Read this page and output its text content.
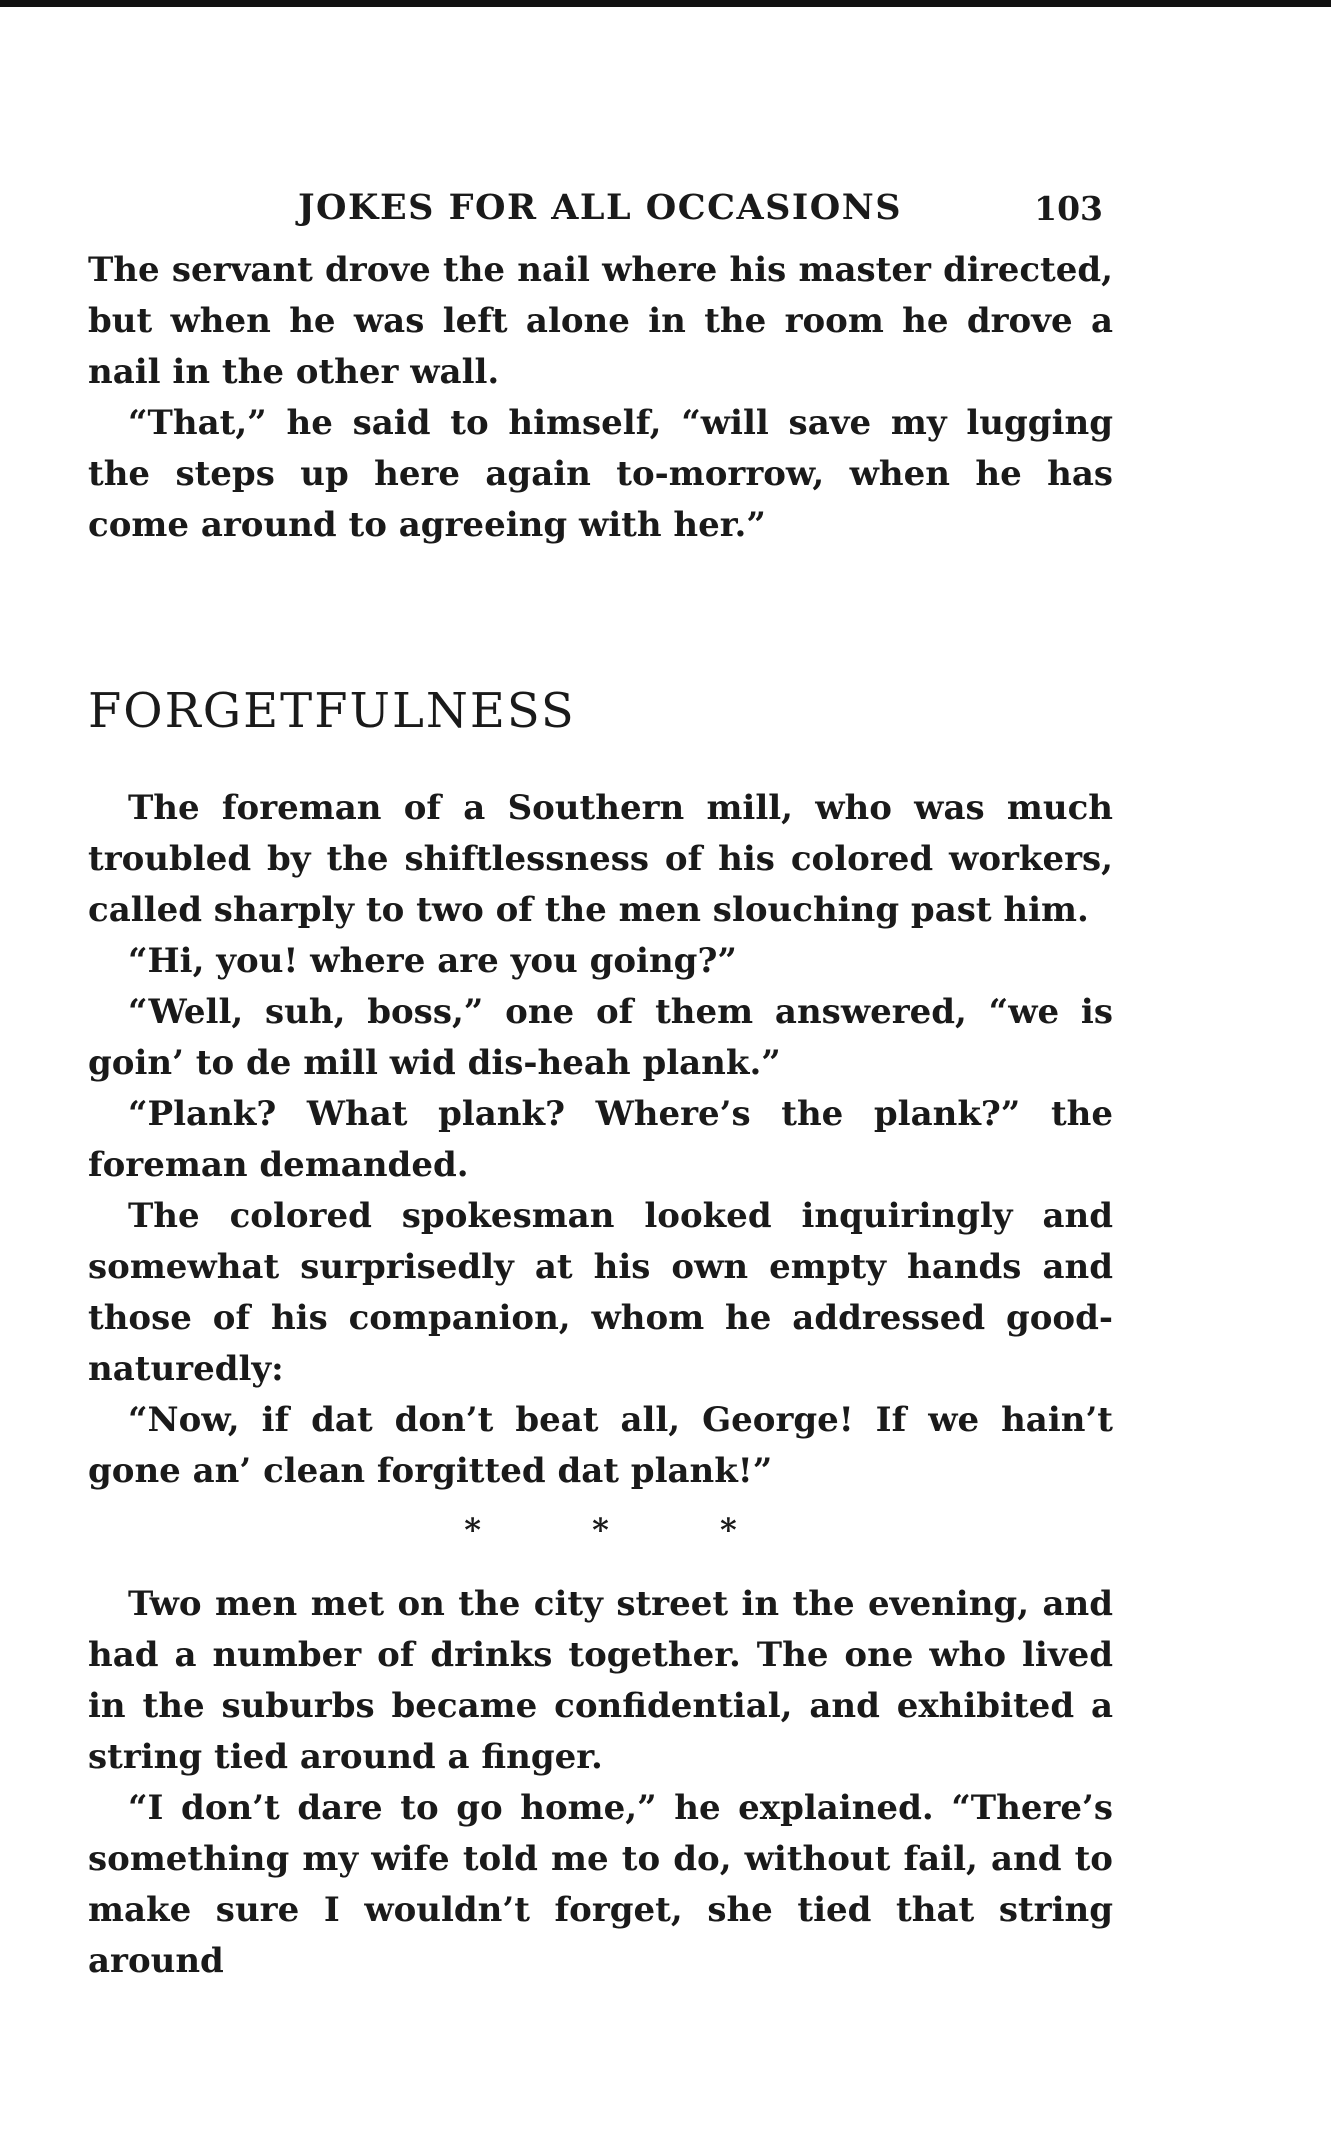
JOKES FOR ALL OCCASIONS	103

The servant drove the nail where his master directed, but when he was left alone in the room he drove a nail in the other wall.

“That,” he said to himself, “will save my lugging the steps up here again to-morrow, when he has come around to agreeing with her.”

FORGETFULNESS

The foreman of a Southern mill, who was much troubled by the shiftlessness of his colored workers, called sharply to two of the men slouching past him.

“Hi, you! where are you going?”

“Well, suh, boss,” one of them answered, “we is goin’ to de mill wid dis-heah plank.”

“Plank? What plank? Where’s the plank?” the foreman demanded.

The colored spokesman looked inquiringly and somewhat surprisedly at his own empty hands and those of his companion, whom he addressed good-naturedly:

“Now, if dat don’t beat all, George! If we hain’t gone an’ clean forgitted dat plank!”

* * *

Two men met on the city street in the evening, and had a number of drinks together. The one who lived in the suburbs became confidential, and exhibited a string tied around a finger.

“I don’t dare to go home,” he explained. “There’s something my wife told me to do, without fail, and to make sure I wouldn’t forget, she tied that string around
